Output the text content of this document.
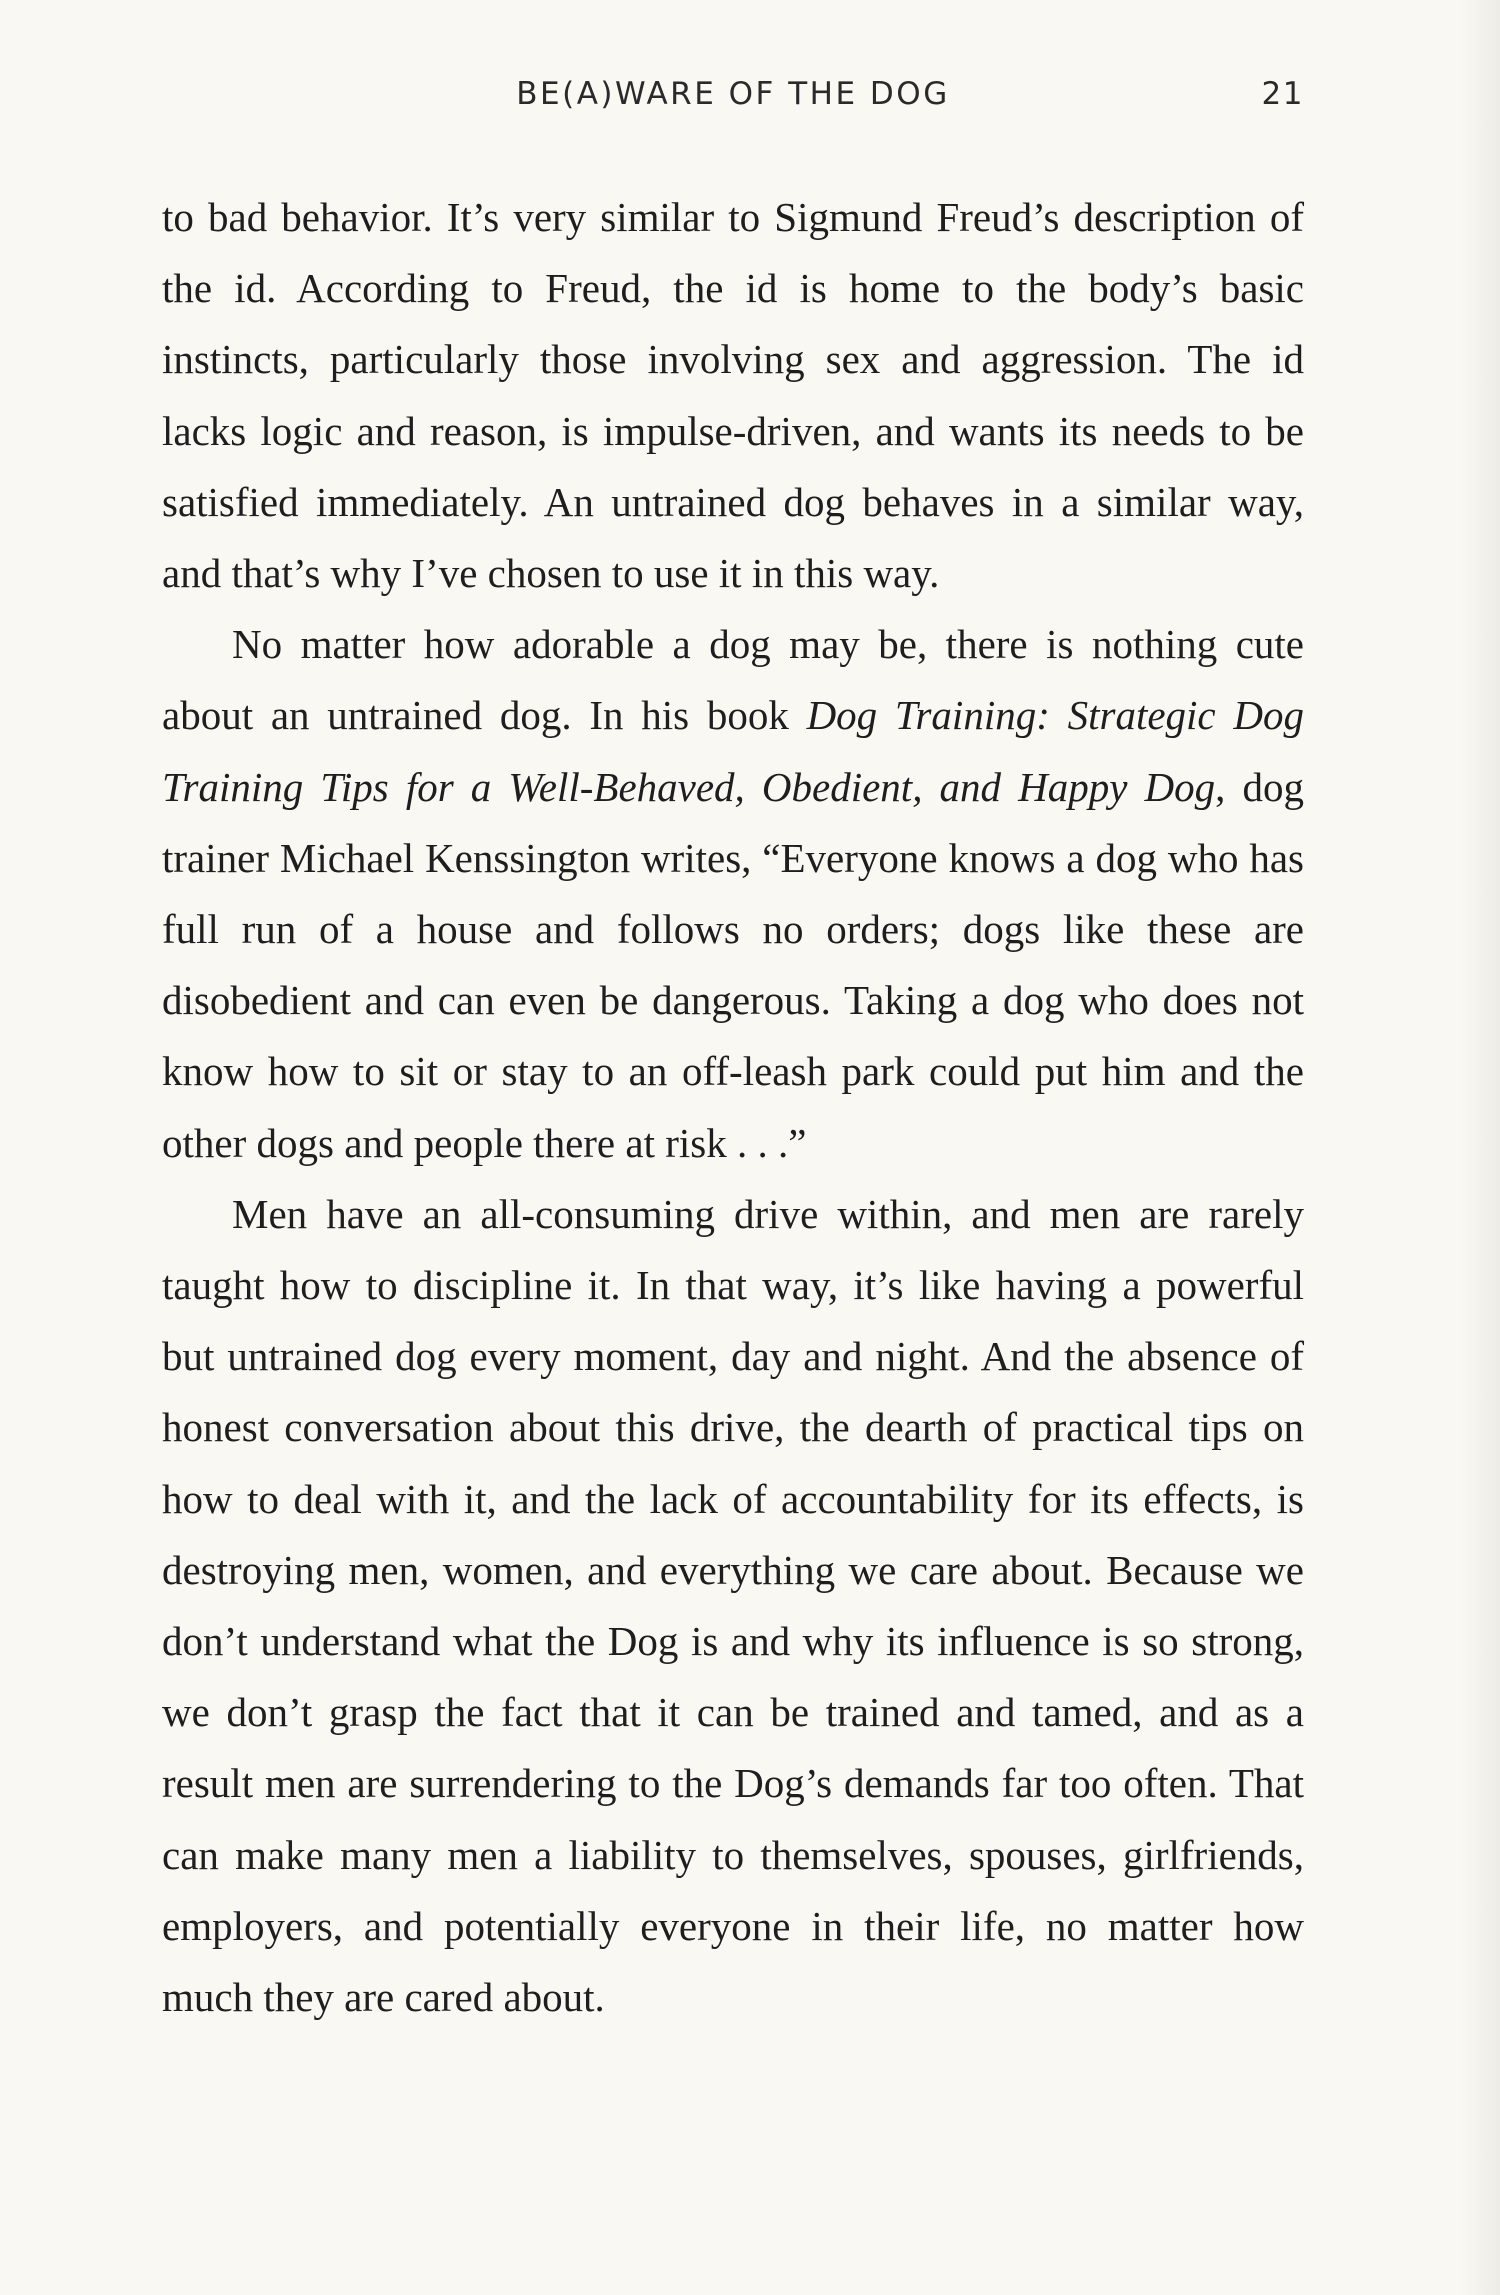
BE(A)WARE OF THE DOG	21

to bad behavior. It’s very similar to Sigmund Freud’s description of the id. According to Freud, the id is home to the body’s basic instincts, particularly those involving sex and aggression. The id lacks logic and reason, is impulse-driven, and wants its needs to be satisfied immediately. An untrained dog behaves in a similar way, and that’s why I’ve chosen to use it in this way.

No matter how adorable a dog may be, there is nothing cute about an untrained dog. In his book Dog Training: Strategic Dog Training Tips for a Well-Behaved, Obedient, and Happy Dog, dog trainer Michael Kenssington writes, “Everyone knows a dog who has full run of a house and follows no orders; dogs like these are disobedient and can even be dangerous. Taking a dog who does not know how to sit or stay to an off-leash park could put him and the other dogs and people there at risk . . .”

Men have an all-consuming drive within, and men are rarely taught how to discipline it. In that way, it’s like having a powerful but untrained dog every moment, day and night. And the absence of honest conversation about this drive, the dearth of practical tips on how to deal with it, and the lack of accountability for its effects, is destroying men, women, and everything we care about. Because we don’t understand what the Dog is and why its influence is so strong, we don’t grasp the fact that it can be trained and tamed, and as a result men are surrendering to the Dog’s demands far too often. That can make many men a liability to themselves, spouses, girlfriends, employers, and potentially everyone in their life, no matter how much they are cared about.
